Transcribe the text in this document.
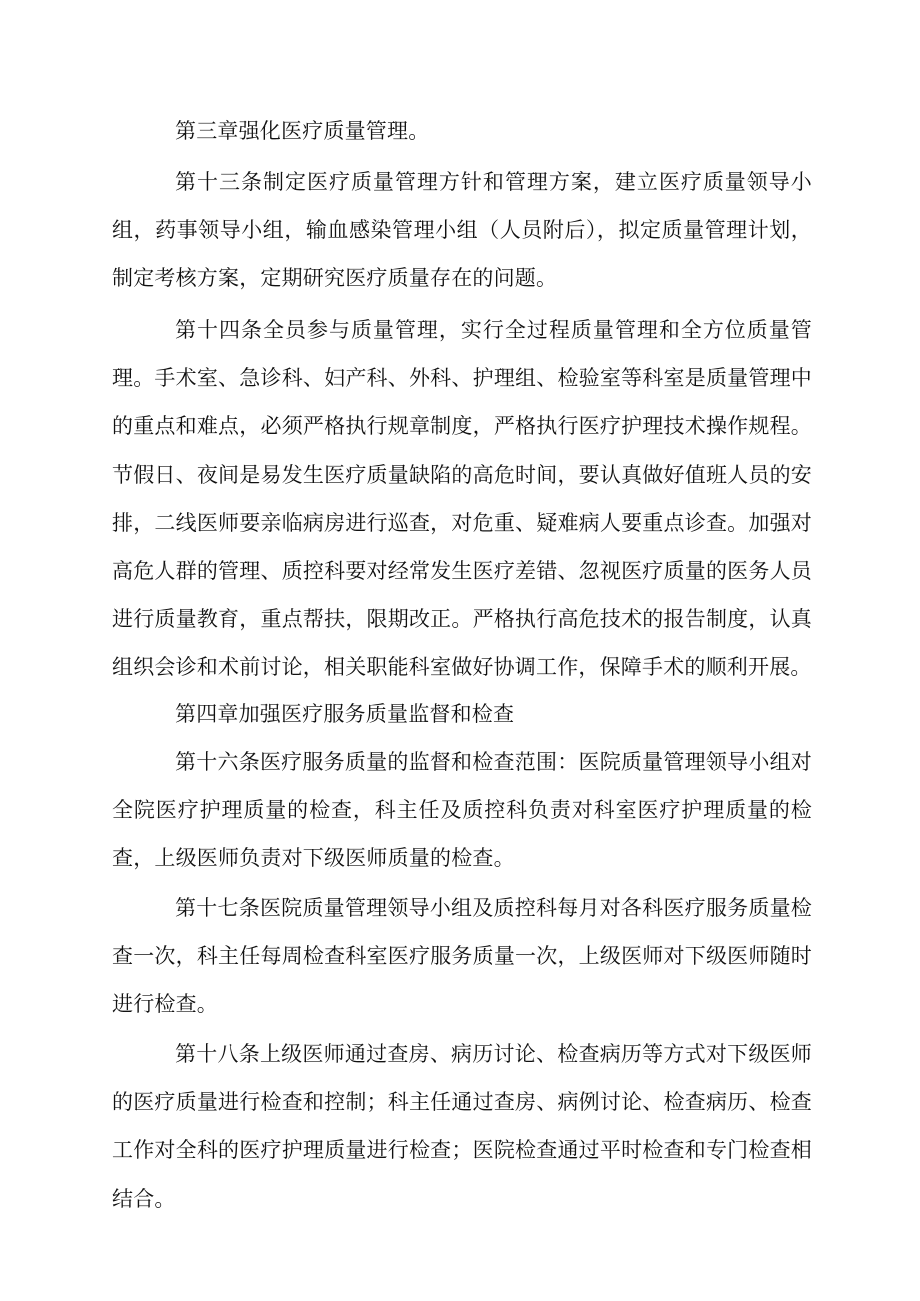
第三章强化医疗质量管理。

第十三条制定医疗质量管理方针和管理方案，建立医疗质量领导小组，药事领导小组，输血感染管理小组（人员附后），拟定质量管理计划，制定考核方案，定期研究医疗质量存在的问题。

第十四条全员参与质量管理，实行全过程质量管理和全方位质量管理。手术室、急诊科、妇产科、外科、护理组、检验室等科室是质量管理中的重点和难点，必须严格执行规章制度，严格执行医疗护理技术操作规程。节假日、夜间是易发生医疗质量缺陷的高危时间，要认真做好值班人员的安排，二线医师要亲临病房进行巡查，对危重、疑难病人要重点诊查。加强对高危人群的管理、质控科要对经常发生医疗差错、忽视医疗质量的医务人员进行质量教育，重点帮扶，限期改正。严格执行高危技术的报告制度，认真组织会诊和术前讨论，相关职能科室做好协调工作，保障手术的顺利开展。

第四章加强医疗服务质量监督和检查

第十六条医疗服务质量的监督和检查范围：医院质量管理领导小组对全院医疗护理质量的检查，科主任及质控科负责对科室医疗护理质量的检查，上级医师负责对下级医师质量的检查。

第十七条医院质量管理领导小组及质控科每月对各科医疗服务质量检查一次，科主任每周检查科室医疗服务质量一次，上级医师对下级医师随时进行检查。

第十八条上级医师通过查房、病历讨论、检查病历等方式对下级医师的医疗质量进行检查和控制；科主任通过查房、病例讨论、检查病历、检查工作对全科的医疗护理质量进行检查；医院检查通过平时检查和专门检查相结合。
